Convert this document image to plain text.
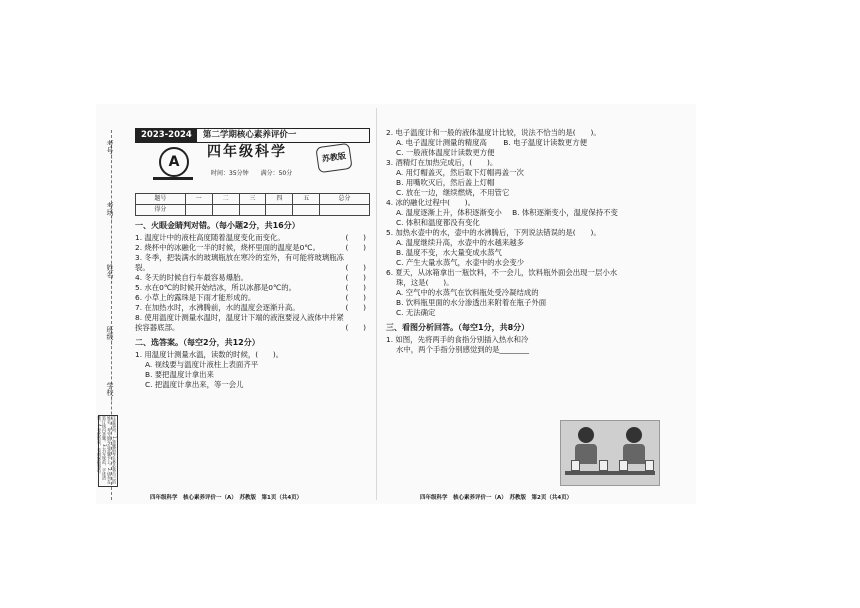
考号：
考场：
姓名：
班级：
学校：
注意事项：1.答题前考生务必将自己的姓名、考号填写在答题卡上。2.请勿在装订线内答题。3.书写规范，字迹清楚。4.考试结束，卷面保持整洁。
2023-2024	第二学期核心素养评价一
A
四年级科学
时间：35分钟 满分：50分
苏教版
题号	一	二	三	四	五	总分
得分						
一、火眼金睛判对错。（每小题2分，共16分）
1. 温度计中的液柱高度随着温度变化而变化。	(　　)
2. 烧杯中的冰融化一半的时候，烧杯里面的温度是0℃。	(　　)
3. 冬季，把装满水的玻璃瓶放在寒冷的室外，有可能将玻璃瓶冻
裂。	(　　)
4. 冬天的时候自行车最容易爆胎。	(　　)
5. 水在0℃的时候开始结冰，所以冰都是0℃的。	(　　)
6. 小草上的露珠是下雨才能形成的。	(　　)
7. 在加热水时，水沸腾前，水的温度会逐渐升高。	(　　)
8. 使用温度计测量水温时，温度计下端的液泡要浸入液体中并紧
挨容器底部。	(　　)
二、选答案。（每空2分，共12分）
1. 用温度计测量水温，读数的时候，(　　)。
A. 视线要与温度计液柱上表面齐平
B. 要把温度计拿出来
C. 把温度计拿出来，等一会儿
2. 电子温度计和一般的液体温度计比较，说法不恰当的是(　　)。
A. 电子温度计测量的精度高 B. 电子温度计读数更方便
C. 一般液体温度计读数更方便
3. 酒精灯在加热完成后，(　　)。
A. 用灯帽盖灭，然后取下灯帽再盖一次
B. 用嘴吹灭后，然后盖上灯帽
C. 放在一边，继续燃烧，不用管它
4. 冰的融化过程中(　　)。
A. 温度逐渐上升，体积逐渐变小 B. 体积逐渐变小，温度保持不变
C. 体积和温度都没有变化
5. 加热水壶中的水，壶中的水沸腾后，下列说法错误的是(　　)。
A. 温度继续升高，水壶中的水越来越多
B. 温度不变，水大量变成水蒸气
C. 产生大量水蒸气，水壶中的水会变少
6. 夏天，从冰箱拿出一瓶饮料，不一会儿，饮料瓶外面会出现一层小水
珠，这是(　　)。
A. 空气中的水蒸气在饮料瓶处受冷凝结成的
B. 饮料瓶里面的水分渗透出来附着在瓶子外面
C. 无法确定
三、看图分析回答。（每空1分，共8分）
1. 如图，先将两手的食指分别插入热水和冷
水中，两个手指分别感觉到的是________
四年级科学　核心素养评价一（A）　苏教版　第1页（共4页）	四年级科学　核心素养评价一（A）　苏教版　第2页（共4页）
